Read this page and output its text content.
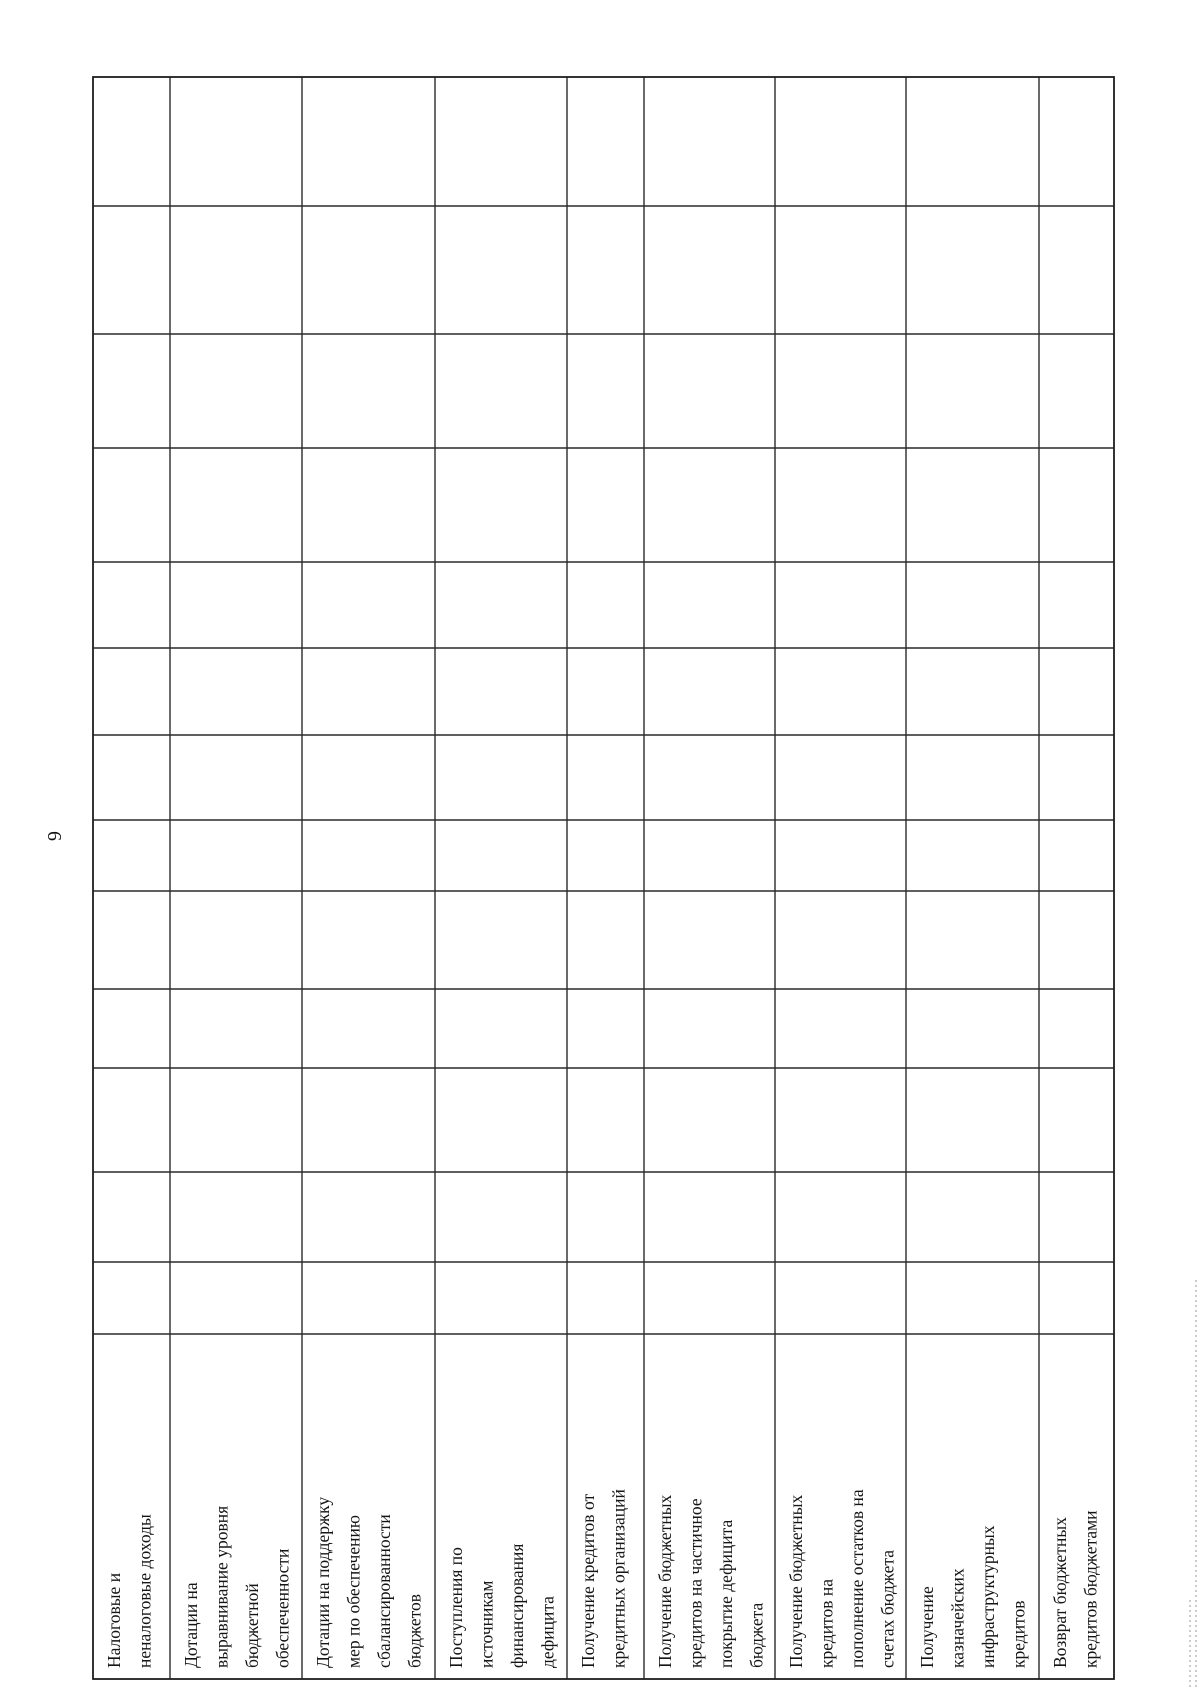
6
Налоговые и неналоговые доходы Дотации на выравнивание уровня бюджетной обеспеченности Дотации на поддержку мер по обеспечению сбалансированности бюджетов Поступления по источникам финансирования дефицита Получение кредитов от кредитных организаций Получение бюджетных кредитов на частичное покрытие дефицита бюджета Получение бюджетных кредитов на пополнение остатков на счетах бюджета Получение казначейских инфраструктурных кредитов Возврат бюджетных кредитов бюджетами
